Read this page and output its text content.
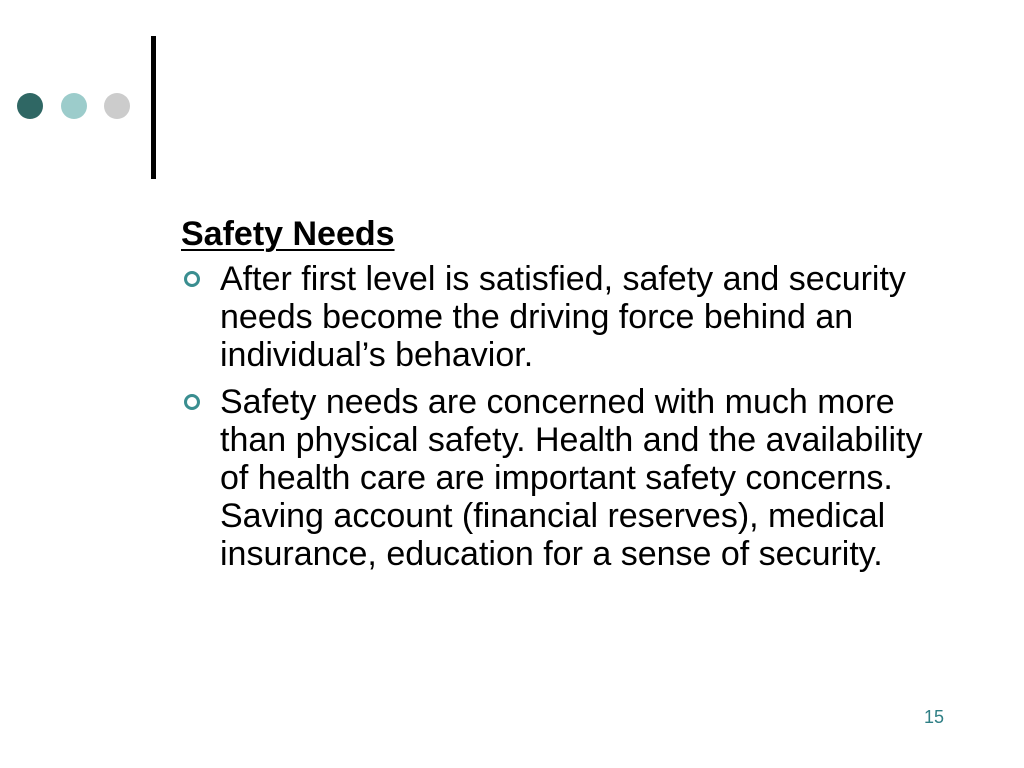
Safety Needs
After first level is satisfied, safety and security needs become the driving force behind an individual’s behavior.
Safety needs are concerned with much more than physical safety. Health and the availability of health care are important safety concerns. Saving account (financial reserves), medical insurance, education for a sense of security.
15
